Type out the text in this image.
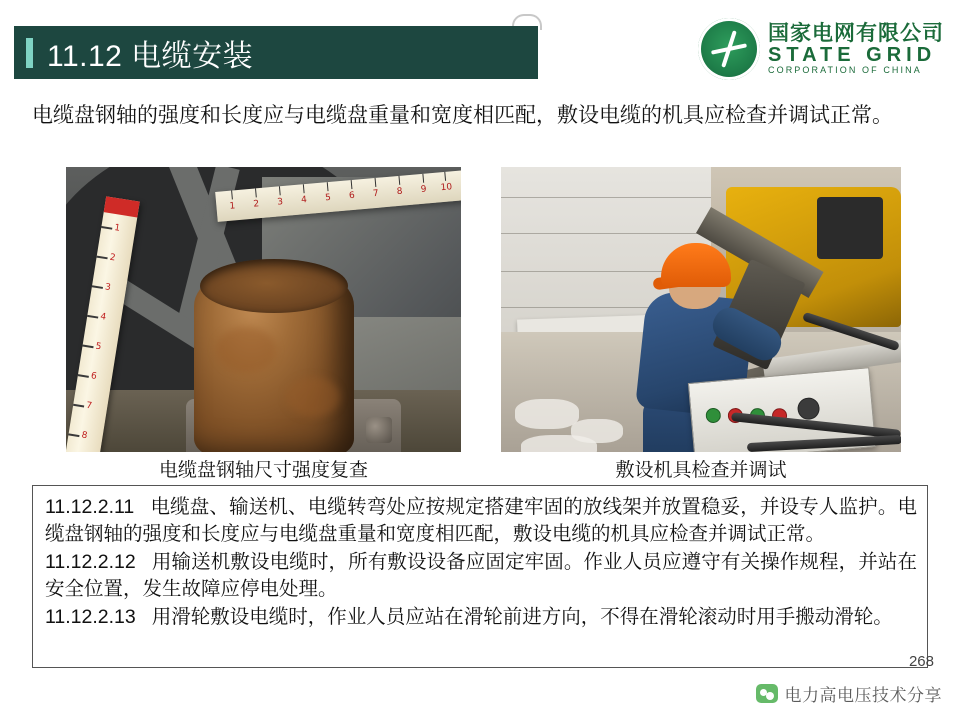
11.12 电缆安装
国家电网有限公司
STATE GRID
CORPORATION OF CHINA
电缆盘钢轴的强度和长度应与电缆盘重量和宽度相匹配，敷设电缆的机具应检查并调试正常。
1
2
3
4
5
6
7
8
1 2 3 4 5 6 7 8 9 10
电缆盘钢轴尺寸强度复查	敷设机具检查并调试

11.12.2.11 电缆盘、输送机、电缆转弯处应按规定搭建牢固的放线架并放置稳妥，并设专人监护。电缆盘钢轴的强度和长度应与电缆盘重量和宽度相匹配，敷设电缆的机具应检查并调试正常。

11.12.2.12 用输送机敷设电缆时，所有敷设设备应固定牢固。作业人员应遵守有关操作规程，并站在安全位置，发生故障应停电处理。

11.12.2.13 用滑轮敷设电缆时，作业人员应站在滑轮前进方向，不得在滑轮滚动时用手搬动滑轮。

268
电力高电压技术分享
